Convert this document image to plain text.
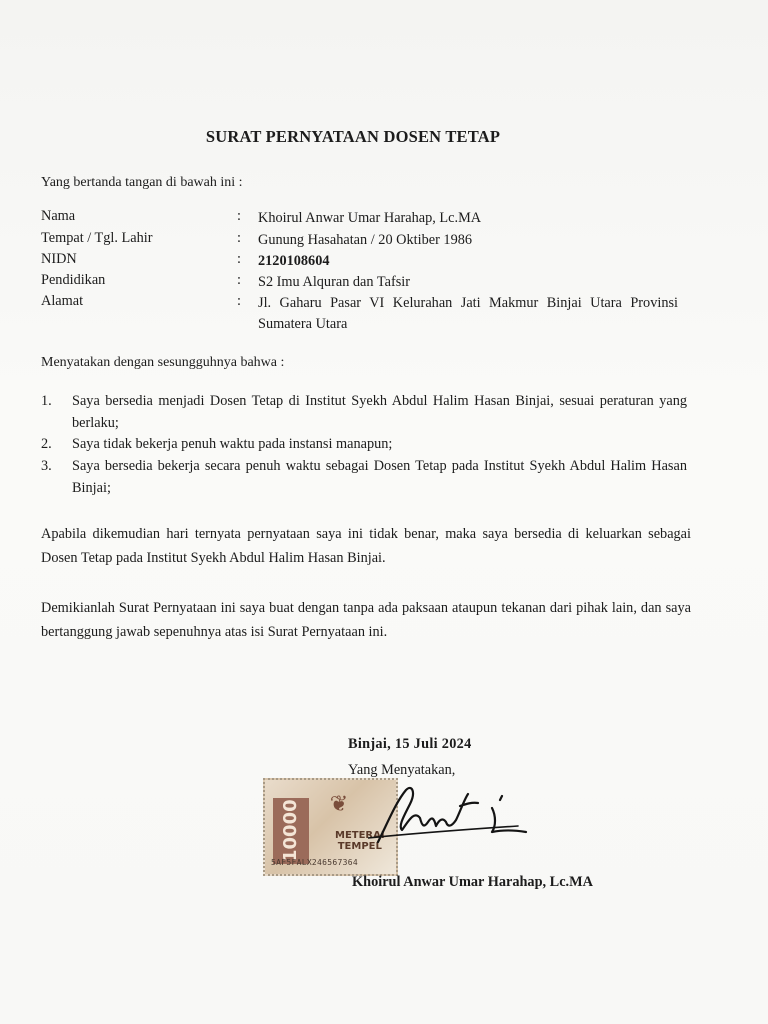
SURAT PERNYATAAN DOSEN TETAP
Yang bertanda tangan di bawah ini :
Nama	: Khoirul Anwar Umar Harahap, Lc.MA
Tempat / Tgl. Lahir	: Gunung Hasahatan / 20 Oktiber 1986
NIDN	: 2120108604
Pendidikan	: S2 Imu Alquran dan Tafsir
Alamat	: Jl. Gaharu Pasar VI Kelurahan Jati Makmur Binjai Utara Provinsi Sumatera Utara
Menyatakan dengan sesungguhnya bahwa :
1. Saya bersedia menjadi Dosen Tetap di Institut Syekh Abdul Halim Hasan Binjai, sesuai peraturan yang berlaku;
2. Saya tidak bekerja penuh waktu pada instansi manapun;
3. Saya bersedia bekerja secara penuh waktu sebagai Dosen Tetap pada Institut Syekh Abdul Halim Hasan Binjai;
Apabila dikemudian hari ternyata pernyataan saya ini tidak benar, maka saya bersedia di keluarkan sebagai Dosen Tetap pada Institut Syekh Abdul Halim Hasan Binjai.
Demikianlah Surat Pernyataan ini saya buat dengan tanpa ada paksaan ataupun tekanan dari pihak lain, dan saya bertanggung jawab sepenuhnya atas isi Surat Pernyataan ini.
Binjai, 15 Juli 2024
Yang Menyatakan,
10000	❦
METERAI
TEMPEL
5AF5FALX246567364
Khoirul Anwar Umar Harahap, Lc.MA
